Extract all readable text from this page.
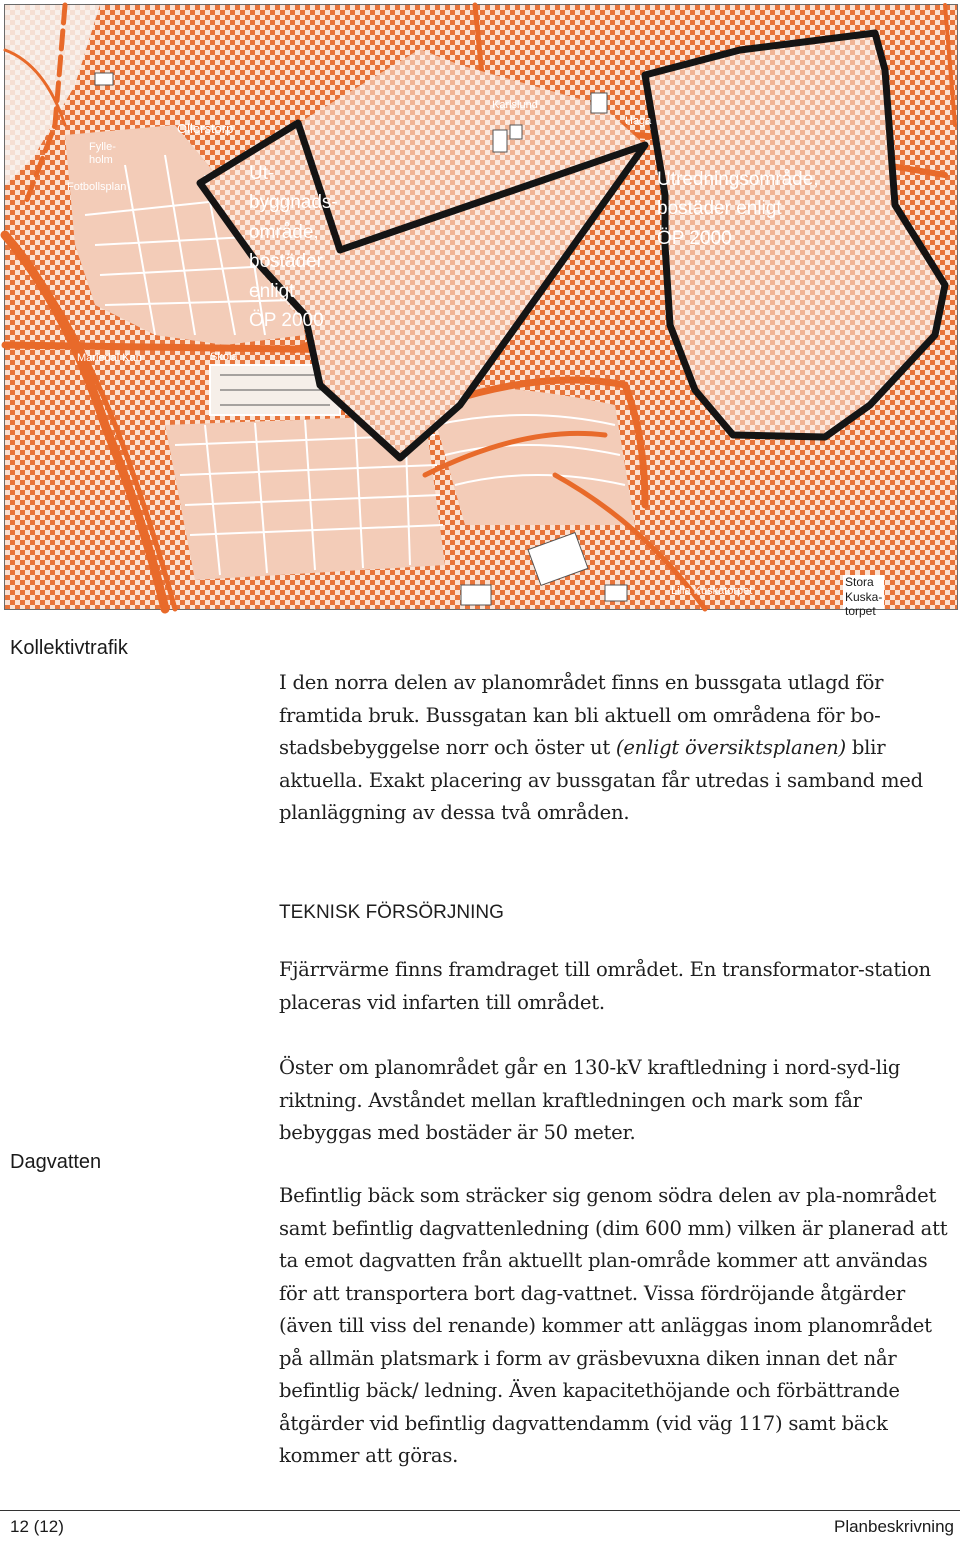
Ut-
byggnads-
område,
bostäder
enligt
ÖP 2000
Utredningsområde,
bostäder enligt
ÖP 2000
Ollerstorp
Karlslund
Haga
Fylle-
holm
Fotbollsplan
Mariedal Kan	Skola
Lilla Kuskatorpet
Stora
Kuska-
torpet
Kollektivtrafik

I den norra delen av planområdet finns en bussgata utlagd för framtida bruk. Bussgatan kan bli aktuell om områdena för bo-stadsbebyggelse norr och öster ut (enligt översiktsplanen) blir aktuella. Exakt placering av bussgatan får utredas i samband med planläggning av dessa två områden.

TEKNISK FÖRSÖRJNING

Fjärrvärme finns framdraget till området. En transformator-station placeras vid infarten till området.

Öster om planområdet går en 130-kV kraftledning i nord-syd-lig riktning. Avståndet mellan kraftledningen och mark som får bebyggas med bostäder är 50 meter.

Dagvatten

Befintlig bäck som sträcker sig genom södra delen av pla-nområdet samt befintlig dagvattenledning (dim 600 mm) vilken är planerad att ta emot dagvatten från aktuellt plan-område kommer att användas för att transportera bort dag-vattnet. Vissa fördröjande åtgärder (även till viss del renande) kommer att anläggas inom planområdet på allmän platsmark i form av gräsbevuxna diken innan det når befintlig bäck/ ledning. Även kapacitethöjande och förbättrande åtgärder vid befintlig dagvattendamm (vid väg 117) samt bäck kommer att göras.

12 (12)	Planbeskrivning
